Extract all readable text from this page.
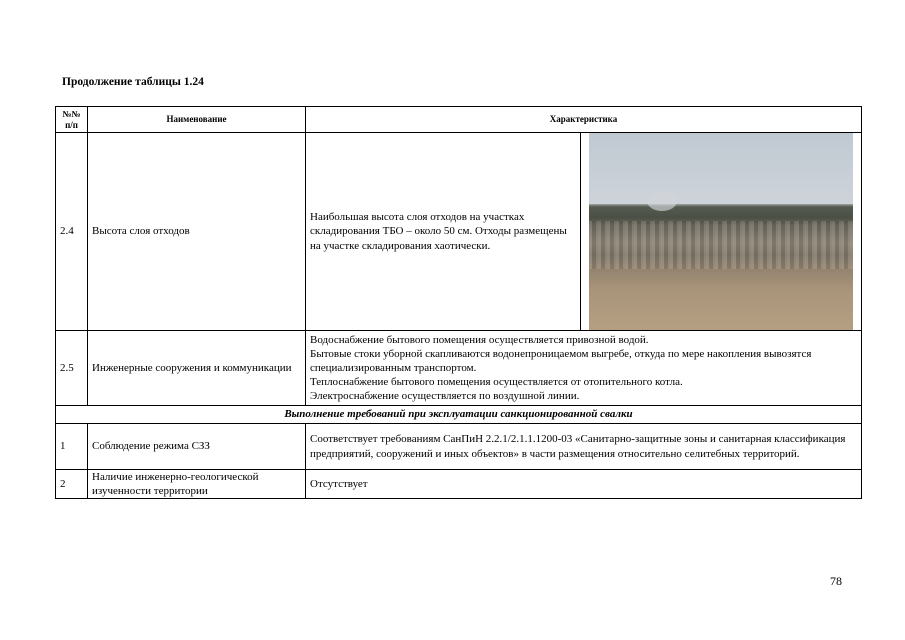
Продолжение таблицы 1.24
№№ п/п	Наименование	Характеристика	
2.4	Высота слоя отходов	Наибольшая высота слоя отходов на участках складирования ТБО – около 50 см. Отходы размещены на участке складирования хаотически.	

2.5	Инженерные сооружения и коммуникации	Водоснабжение бытового помещения осуществляется привозной водой.
Бытовые стоки уборной скапливаются водонепроницаемом выгребе, откуда по мере накопления вывозятся специализированным транспортом.
Теплоснабжение бытового помещения осуществляется от отопительного котла.
Электроснабжение осуществляется по воздушной линии.	

Выполнение требований при эксплуатации санкционированной свалки			
1	Соблюдение режима СЗЗ	Соответствует требованиям СанПиН 2.2.1/2.1.1.1200-03 «Санитарно-защитные зоны и санитарная классификация предприятий, сооружений и иных объектов» в части размещения относительно селитебных территорий.	
2	Наличие инженерно-геологической изученности территории	Отсутствует	
78
